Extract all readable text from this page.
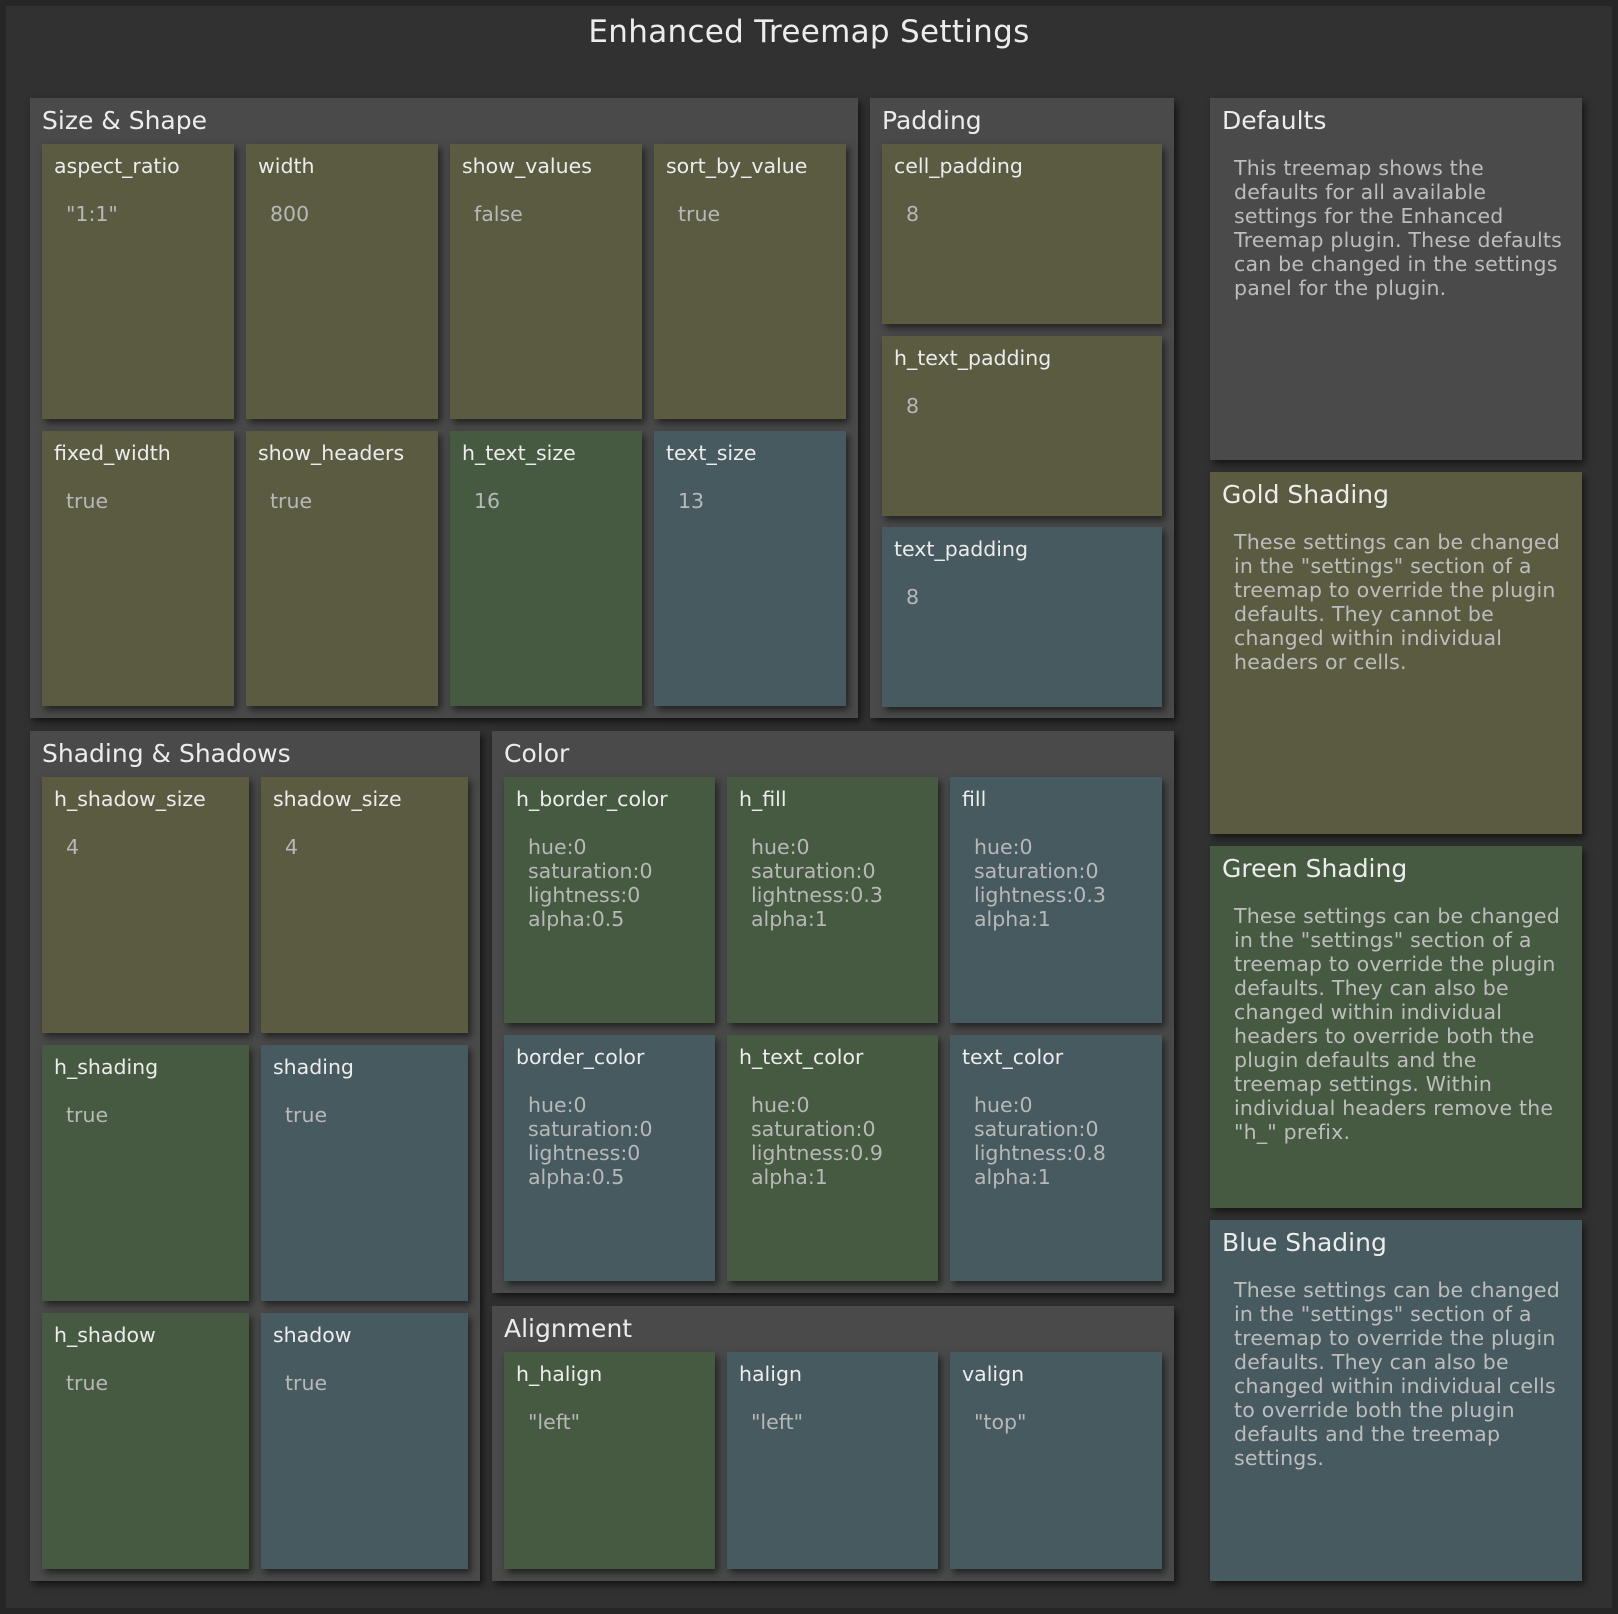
Enhanced Treemap Settings
Size & Shape
aspect_ratio
"1:1"
width
800
show_values
false
sort_by_value
true
fixed_width
true
show_headers
true
h_text_size
16
text_size
13
Padding
cell_padding
8
h_text_padding
8
text_padding
8
Shading & Shadows
h_shadow_size
4
shadow_size
4
h_shading
true
shading
true
h_shadow
true
shadow
true
Color
h_border_color
hue:0
saturation:0
lightness:0
alpha:0.5
h_fill
hue:0
saturation:0
lightness:0.3
alpha:1
fill
hue:0
saturation:0
lightness:0.3
alpha:1
border_color
hue:0
saturation:0
lightness:0
alpha:0.5
h_text_color
hue:0
saturation:0
lightness:0.9
alpha:1
text_color
hue:0
saturation:0
lightness:0.8
alpha:1
Alignment
h_halign
"left"
halign
"left"
valign
"top"
Defaults
This treemap shows the defaults for all available settings for the Enhanced Treemap plugin. These defaults can be changed in the settings panel for the plugin.
Gold Shading
These settings can be changed in the "settings" section of a treemap to override the plugin defaults. They cannot be changed within individual headers or cells.
Green Shading
These settings can be changed in the "settings" section of a treemap to override the plugin defaults. They can also be changed within individual headers to override both the plugin defaults and the treemap settings. Within individual headers remove the "h_" prefix.
Blue Shading
These settings can be changed in the "settings" section of a treemap to override the plugin defaults. They can also be changed within individual cells to override both the plugin defaults and the treemap settings.
